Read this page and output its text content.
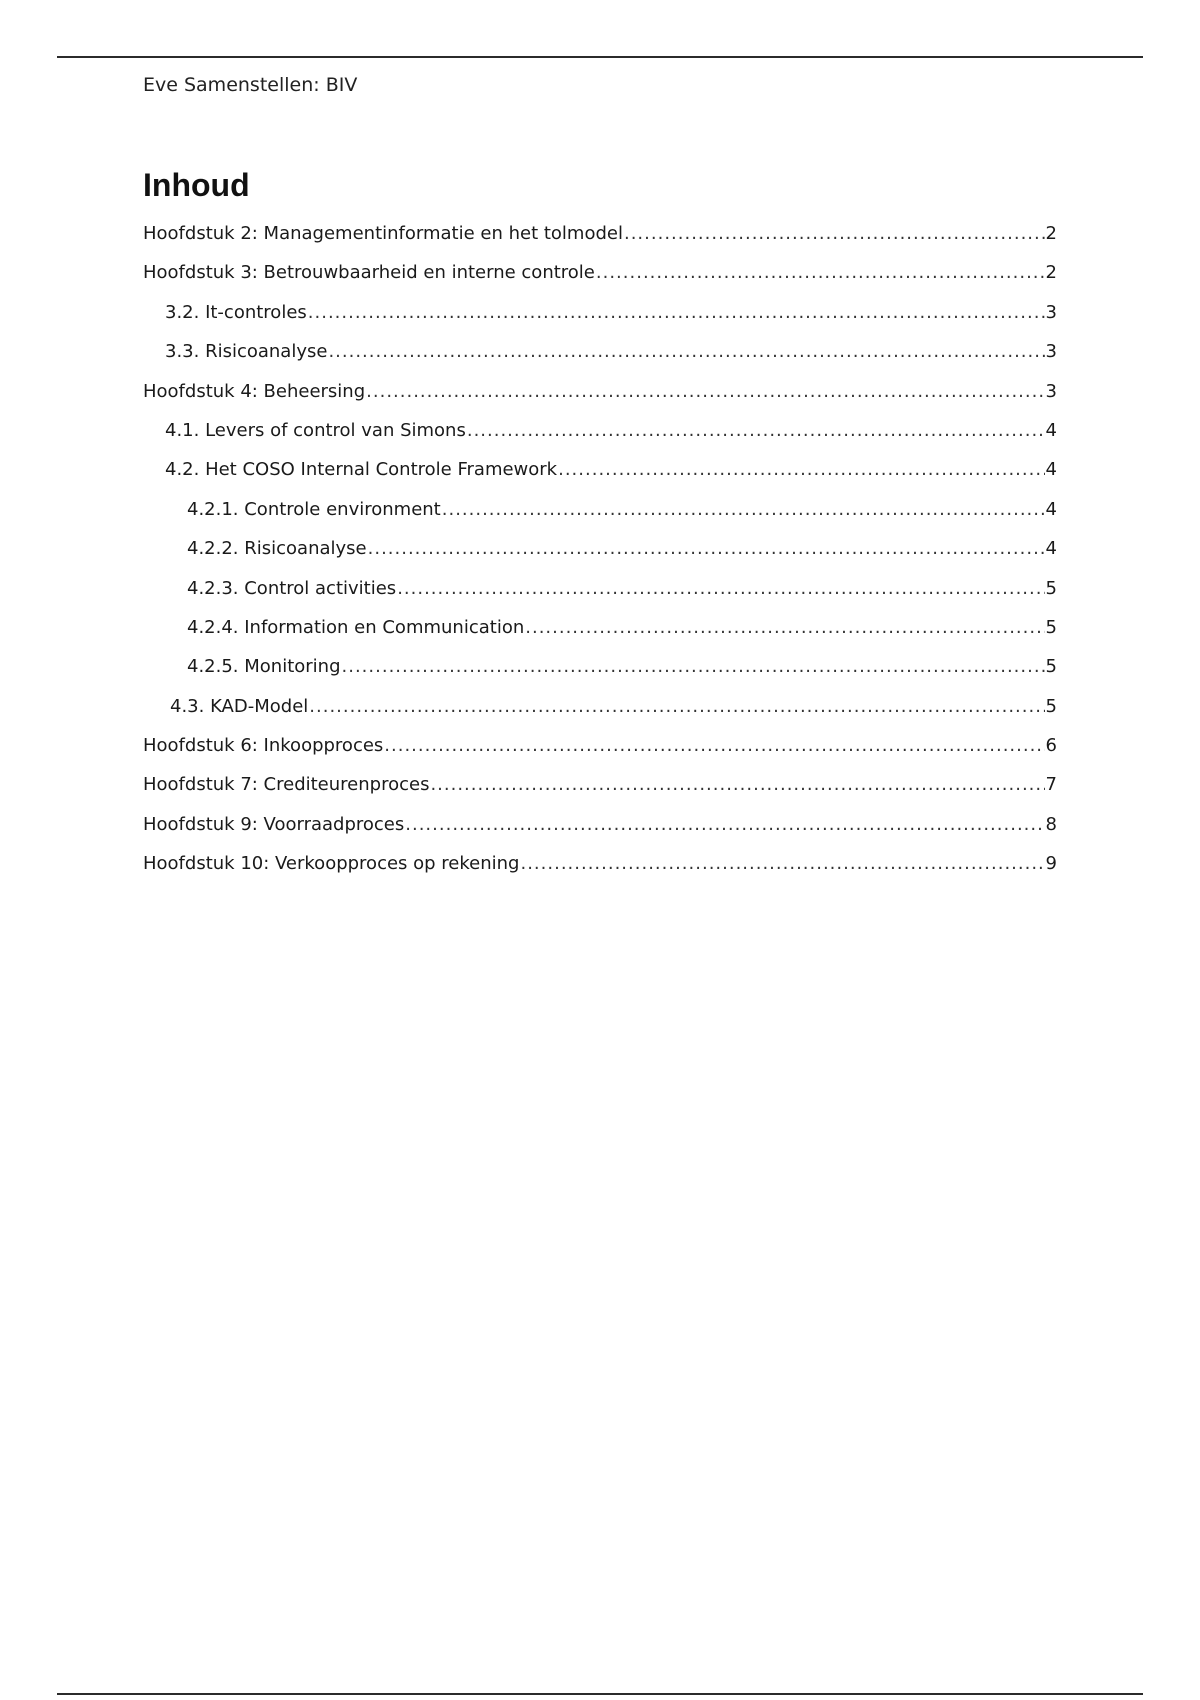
Eve Samenstellen: BIV
Inhoud
Hoofdstuk 2: Managementinformatie en het tolmodel .....	2
Hoofdstuk 3: Betrouwbaarheid en interne controle .....	2
3.2. It-controles .....	3
3.3. Risicoanalyse .....	3
Hoofdstuk 4: Beheersing .....	3
4.1. Levers of control van Simons .....	4
4.2. Het COSO Internal Controle Framework .....	4
4.2.1. Controle environment .....	4
4.2.2. Risicoanalyse .....	4
4.2.3. Control activities .....	5
4.2.4. Information en Communication .....	5
4.2.5. Monitoring .....	5
4.3. KAD-Model .....	5
Hoofdstuk 6: Inkoopproces .....	6
Hoofdstuk 7: Crediteurenproces .....	7
Hoofdstuk 9: Voorraadproces .....	8
Hoofdstuk 10: Verkoopproces op rekening .....	9
